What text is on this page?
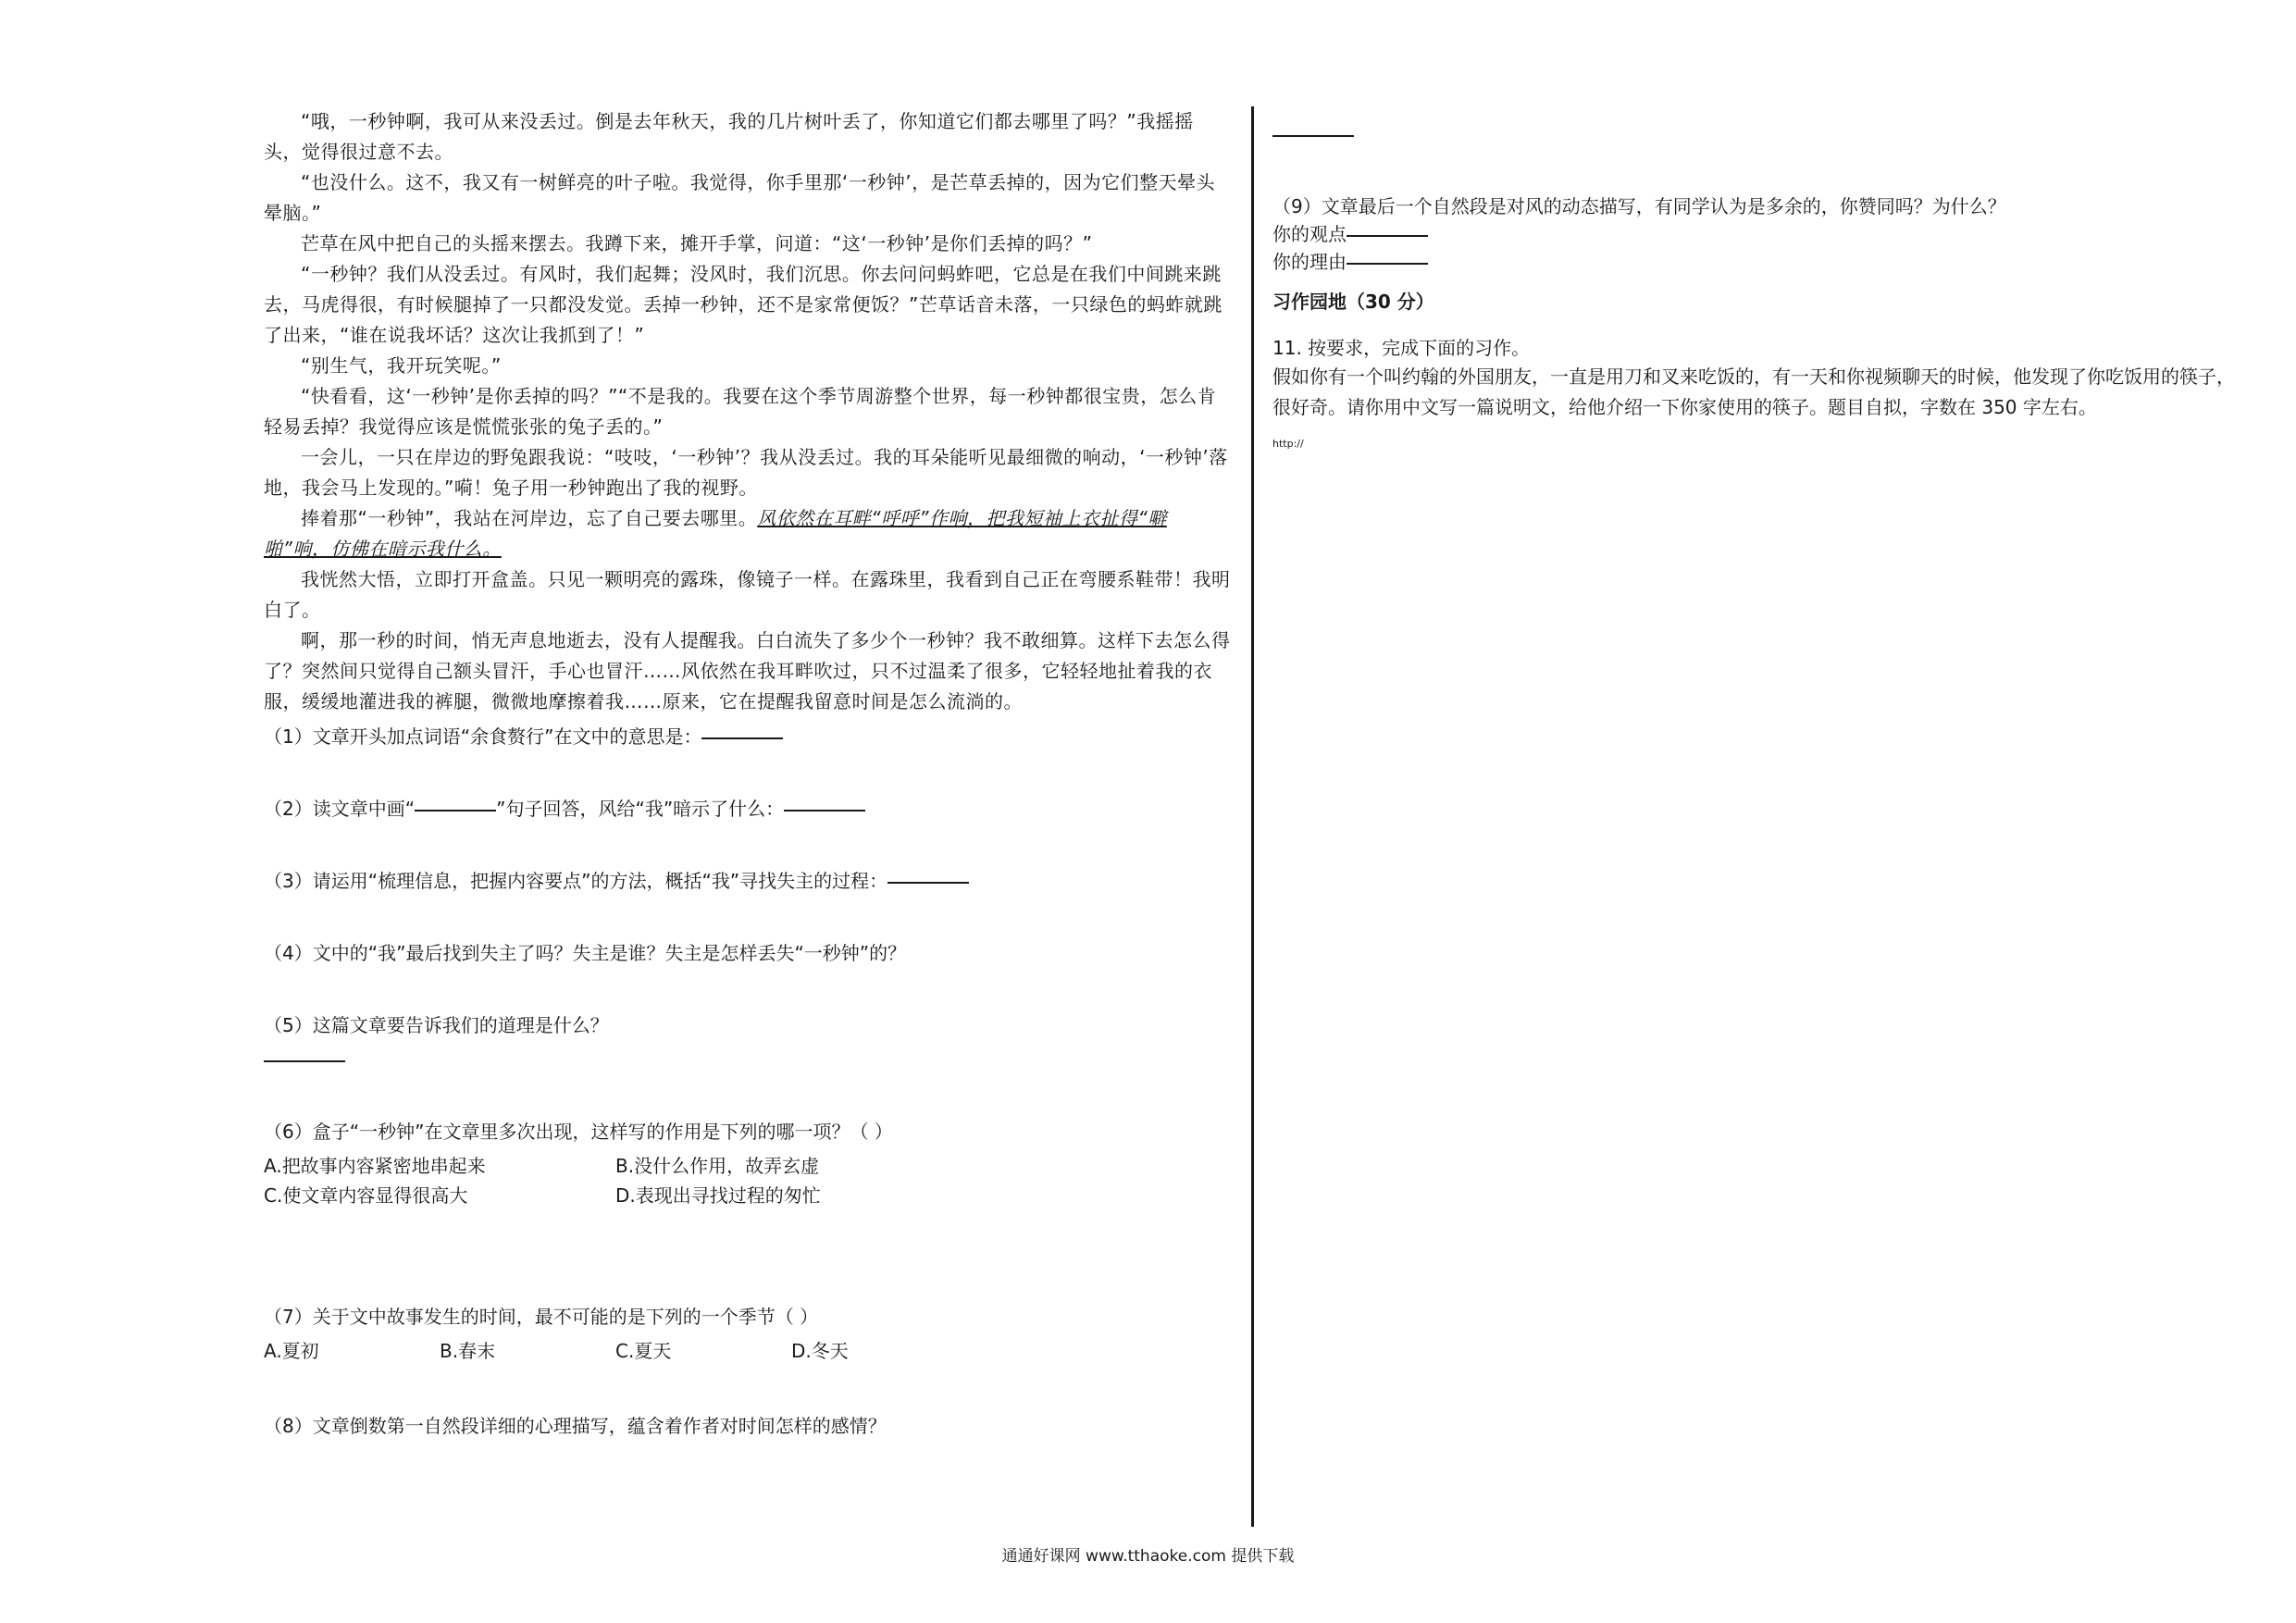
“哦，一秒钟啊，我可从来没丢过。倒是去年秋天，我的几片树叶丢了，你知道它们都去哪里了吗？”我摇摇头，觉得很过意不去。

“也没什么。这不，我又有一树鲜亮的叶子啦。我觉得，你手里那‘一秒钟’，是芒草丢掉的，因为它们整天晕头晕脑。”

芒草在风中把自己的头摇来摆去。我蹲下来，摊开手掌，问道：“这‘一秒钟’是你们丢掉的吗？”

“一秒钟？我们从没丢过。有风时，我们起舞；没风时，我们沉思。你去问问蚂蚱吧，它总是在我们中间跳来跳去，马虎得很，有时候腿掉了一只都没发觉。丢掉一秒钟，还不是家常便饭？”芒草话音未落，一只绿色的蚂蚱就跳了出来，“谁在说我坏话？这次让我抓到了！”

“别生气，我开玩笑呢。”

“快看看，这‘一秒钟’是你丢掉的吗？”“不是我的。我要在这个季节周游整个世界，每一秒钟都很宝贵，怎么肯轻易丢掉？我觉得应该是慌慌张张的兔子丢的。”

一会儿，一只在岸边的野兔跟我说：“吱吱，‘一秒钟’？我从没丢过。我的耳朵能听见最细微的响动，‘一秒钟’落地，我会马上发现的。”嗬！兔子用一秒钟跑出了我的视野。

捧着那“一秒钟”，我站在河岸边，忘了自己要去哪里。风依然在耳畔“呼呼”作响，把我短袖上衣扯得“噼啪”响，仿佛在暗示我什么。

我恍然大悟，立即打开盒盖。只见一颗明亮的露珠，像镜子一样。在露珠里，我看到自己正在弯腰系鞋带！我明白了。

啊，那一秒的时间，悄无声息地逝去，没有人提醒我。白白流失了多少个一秒钟？我不敢细算。这样下去怎么得了？突然间只觉得自己额头冒汗，手心也冒汗……风依然在我耳畔吹过，只不过温柔了很多，它轻轻地扯着我的衣服，缓缓地灌进我的裤腿，微微地摩擦着我……原来，它在提醒我留意时间是怎么流淌的。

（1）文章开头加点词语“余食赘行”在文中的意思是：

（2）读文章中画“	”句子回答，风给“我”暗示了什么：

（3）请运用“梳理信息，把握内容要点”的方法，概括“我”寻找失主的过程：

（4）文中的“我”最后找到失主了吗？失主是谁？失主是怎样丢失“一秒钟”的？

（5）这篇文章要告诉我们的道理是什么？

（6）盒子“一秒钟”在文章里多次出现，这样写的作用是下列的哪一项？（ ）

A.把故事内容紧密地串起来	B.没什么作用，故弄玄虚
C.使文章内容显得很高大	D.表现出寻找过程的匆忙

（7）关于文中故事发生的时间，最不可能的是下列的一个季节（ ）

A.夏初	B.春末	C.夏天	D.冬天

（8）文章倒数第一自然段详细的心理描写，蕴含着作者对时间怎样的感情？

（9）文章最后一个自然段是对风的动态描写，有同学认为是多余的，你赞同吗？为什么？

你的观点

你的理由

习作园地（30 分）

11. 按要求，完成下面的习作。

假如你有一个叫约翰的外国朋友，一直是用刀和叉来吃饭的，有一天和你视频聊天的时候，他发现了你吃饭用的筷子，很好奇。请你用中文写一篇说明文，给他介绍一下你家使用的筷子。题目自拟，字数在 350 字左右。

http://

通通好课网 www.tthaoke.com 提供下载
